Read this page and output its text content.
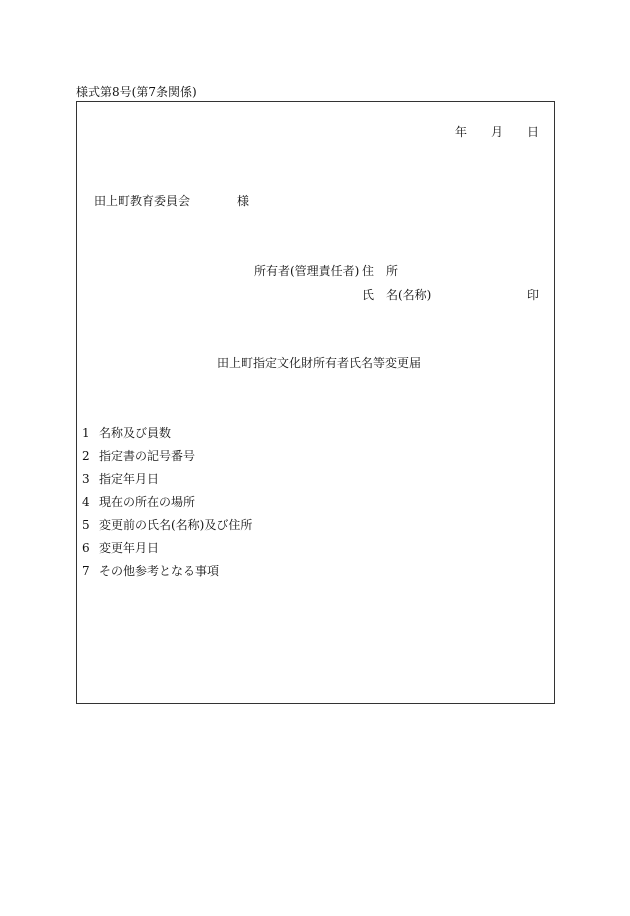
様式第8号(第7条関係)
年 月 日
田上町教育委員会	様
所有者(管理責任者) 住　所
氏　名(名称)	印
田上町指定文化財所有者氏名等変更届
1 名称及び員数
2 指定書の記号番号
3 指定年月日
4 現在の所在の場所
5 変更前の氏名(名称)及び住所
6 変更年月日
7 その他参考となる事項
